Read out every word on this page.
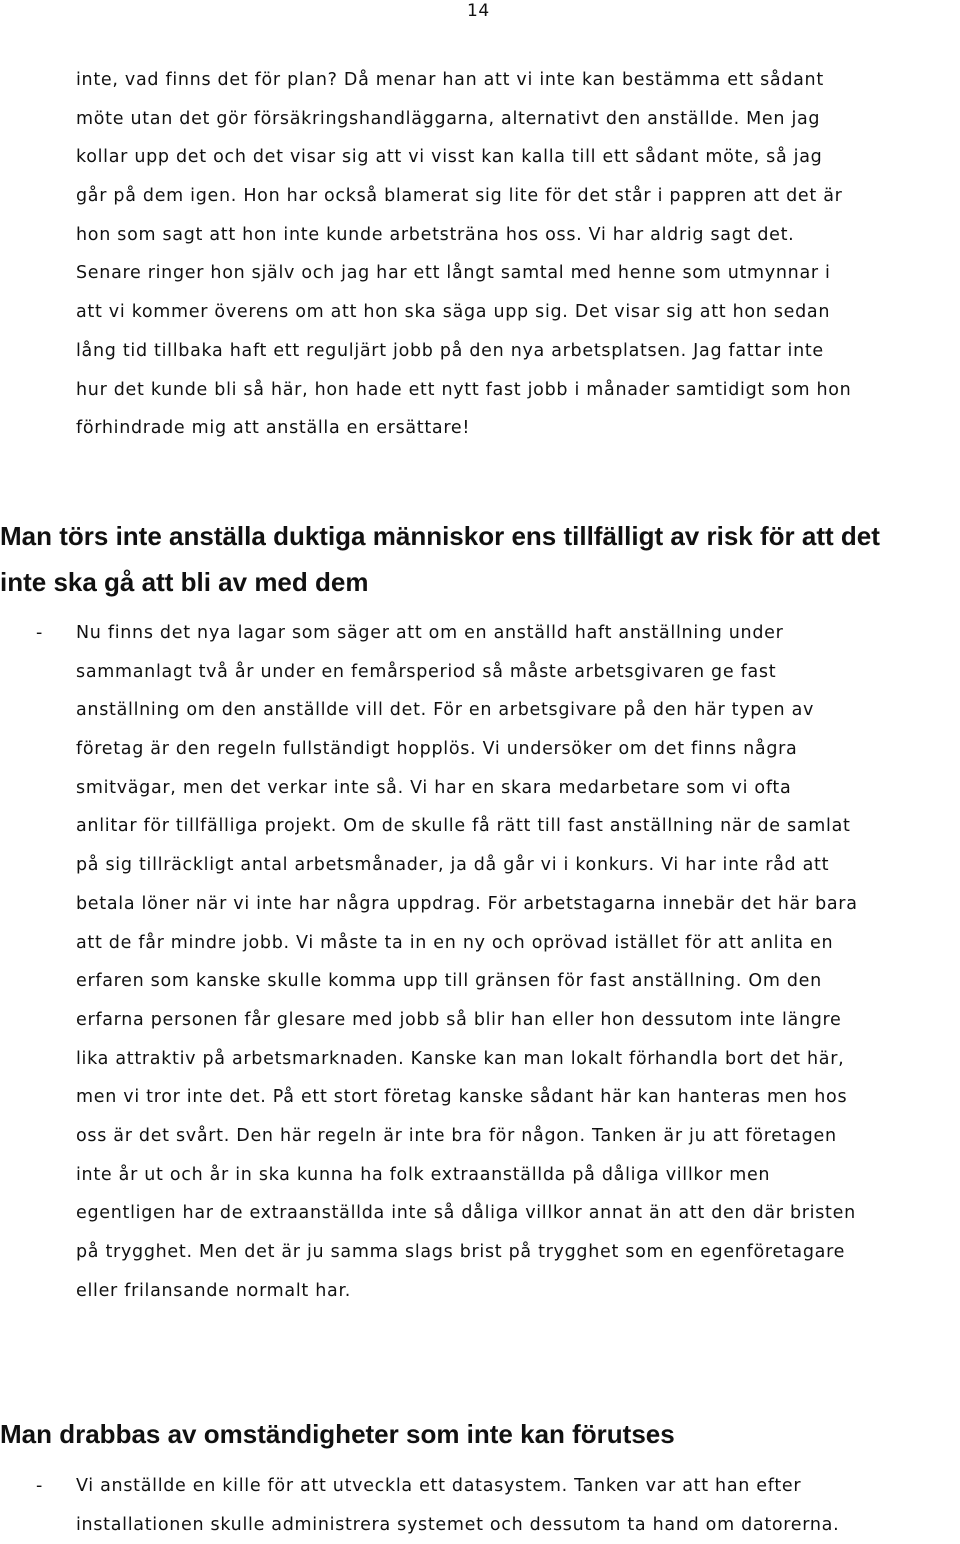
14
inte, vad finns det för plan? Då menar han att vi inte kan bestämma ett sådant
möte utan det gör försäkringshandläggarna, alternativt den anställde. Men jag
kollar upp det och det visar sig att vi visst kan kalla till ett sådant möte, så jag
går på dem igen. Hon har också blamerat sig lite för det står i pappren att det är
hon som sagt att hon inte kunde arbetsträna hos oss. Vi har aldrig sagt det.
Senare ringer hon själv och jag har ett långt samtal med henne som utmynnar i
att vi kommer överens om att hon ska säga upp sig. Det visar sig att hon sedan
lång tid tillbaka haft ett reguljärt jobb på den nya arbetsplatsen. Jag fattar inte
hur det kunde bli så här, hon hade ett nytt fast jobb i månader samtidigt som hon
förhindrade mig att anställa en ersättare!
Man törs inte anställa duktiga människor ens tillfälligt av risk för att det
inte ska gå att bli av med dem
- Nu finns det nya lagar som säger att om en anställd haft anställning under
sammanlagt två år under en femårsperiod så måste arbetsgivaren ge fast
anställning om den anställde vill det. För en arbetsgivare på den här typen av
företag är den regeln fullständigt hopplös. Vi undersöker om det finns några
smitvägar, men det verkar inte så. Vi har en skara medarbetare som vi ofta
anlitar för tillfälliga projekt. Om de skulle få rätt till fast anställning när de samlat
på sig tillräckligt antal arbetsmånader, ja då går vi i konkurs. Vi har inte råd att
betala löner när vi inte har några uppdrag. För arbetstagarna innebär det här bara
att de får mindre jobb. Vi måste ta in en ny och oprövad istället för att anlita en
erfaren som kanske skulle komma upp till gränsen för fast anställning. Om den
erfarna personen får glesare med jobb så blir han eller hon dessutom inte längre
lika attraktiv på arbetsmarknaden. Kanske kan man lokalt förhandla bort det här,
men vi tror inte det. På ett stort företag kanske sådant här kan hanteras men hos
oss är det svårt. Den här regeln är inte bra för någon. Tanken är ju att företagen
inte år ut och år in ska kunna ha folk extraanställda på dåliga villkor men
egentligen har de extraanställda inte så dåliga villkor annat än att den där bristen
på trygghet. Men det är ju samma slags brist på trygghet som en egenföretagare
eller frilansande normalt har.
Man drabbas av omständigheter som inte kan förutses
- Vi anställde en kille för att utveckla ett datasystem. Tanken var att han efter
installationen skulle administrera systemet och dessutom ta hand om datorerna.
